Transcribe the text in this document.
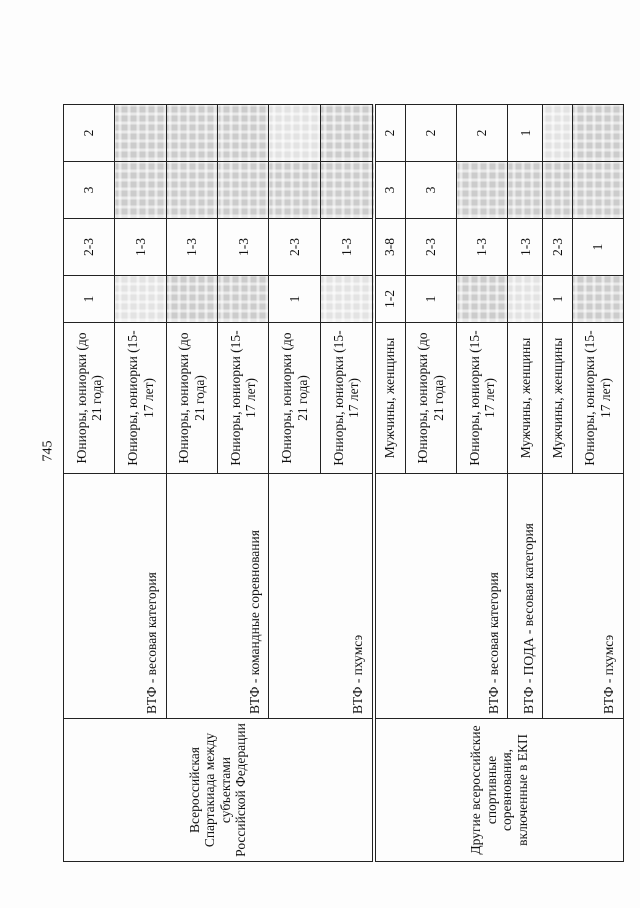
745
Всероссийская Спартакиада между субъектами Российской Федерации	ВТФ - весовая категория	Юниоры, юниорки (до 21 года)	1	2-3	3	2
		Юниоры, юниорки (15-17 лет)		1-3		
	ВТФ - командные соревнования	Юниоры, юниорки (до 21 года)		1-3		
		Юниоры, юниорки (15-17 лет)		1-3		
	ВТФ - пхумсэ	Юниоры, юниорки (до 21 года)	1	2-3		
		Юниоры, юниорки (15-17 лет)		1-3		
Другие всероссийские спортивные соревнования, включенные в ЕКП	ВТФ - весовая категория	Мужчины, женщины	1-2	3-8	3	2
		Юниоры, юниорки (до 21 года)	1	2-3	3	2
		Юниоры, юниорки (15-17 лет)		1-3		2
	ВТФ - ПОДА - весовая категория	Мужчины, женщины		1-3		1
	ВТФ - пхумсэ	Мужчины, женщины	1	2-3		
		Юниоры, юниорки (15-17 лет)		1		
